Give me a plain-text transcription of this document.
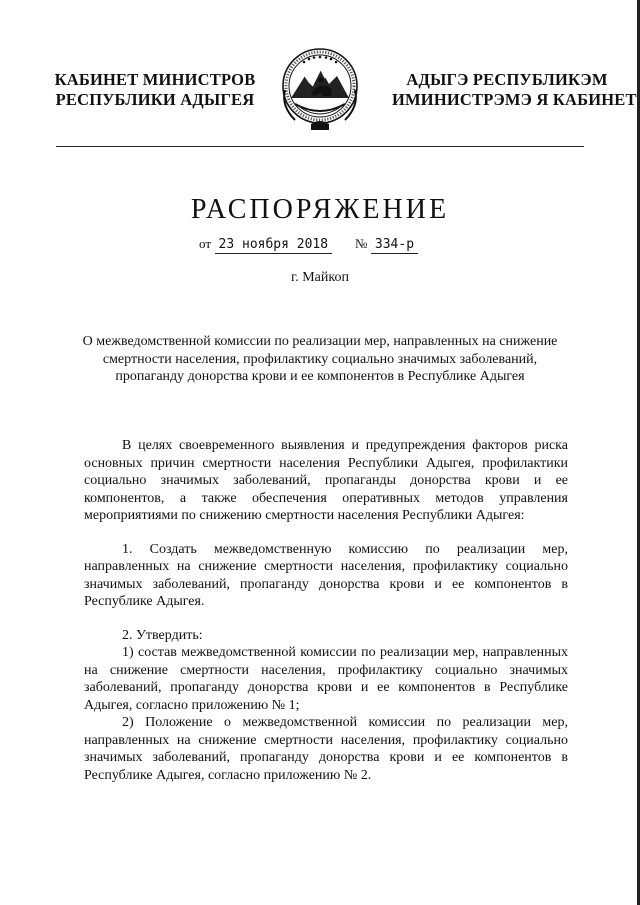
КАБИНЕТ МИНИСТРОВ
РЕСПУБЛИКИ АДЫГЕЯ
АДЫГЭ РЕСПУБЛИКЭМ
ИМИНИСТРЭМЭ Я КАБИНЕТ
РАСПОРЯЖЕНИЕ
от 23 ноября 2018	№ 334-р
г. Майкоп
О межведомственной комиссии по реализации мер, направленных на снижение смертности населения, профилактику социально значимых заболеваний, пропаганду донорства крови и ее компонентов в Республике Адыгея

В целях своевременного выявления и предупреждения факторов риска основных причин смертности населения Республики Адыгея, профилактики социально значимых заболеваний, пропаганды донорства крови и ее компонентов, а также обеспечения оперативных методов управления мероприятиями по снижению смертности населения Республики Адыгея:

1. Создать межведомственную комиссию по реализации мер, направленных на снижение смертности населения, профилактику социально значимых заболеваний, пропаганду донорства крови и ее компонентов в Республике Адыгея.

2. Утвердить:

1) состав межведомственной комиссии по реализации мер, направленных на снижение смертности населения, профилактику социально значимых заболеваний, пропаганду донорства крови и ее компонентов в Республике Адыгея, согласно приложению № 1;

2) Положение о межведомственной комиссии по реализации мер, направленных на снижение смертности населения, профилактику социально значимых заболеваний, пропаганду донорства крови и ее компонентов в Республике Адыгея, согласно приложению № 2.
